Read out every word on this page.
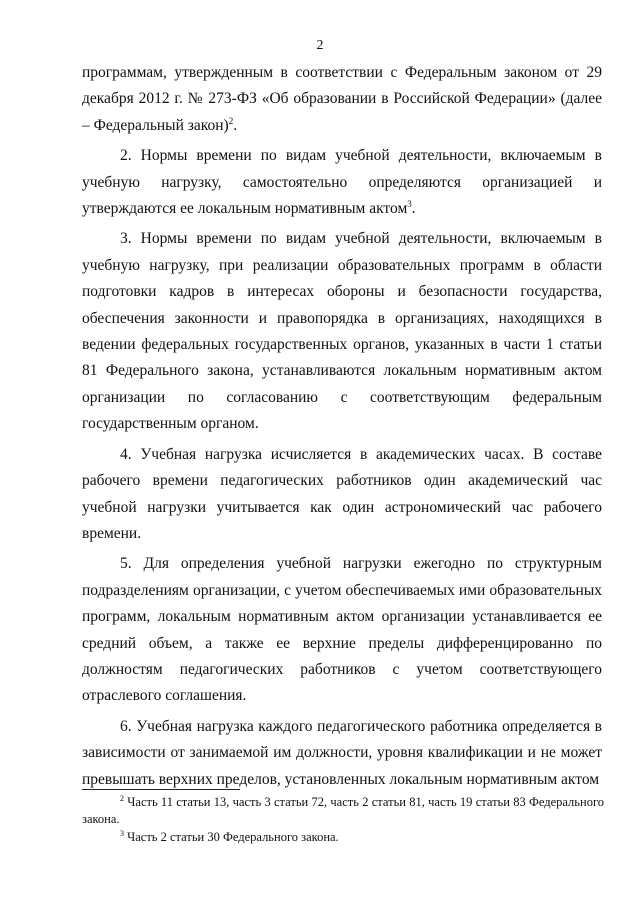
2

программам, утвержденным в соответствии с Федеральным законом от 29 декабря 2012 г. № 273-ФЗ «Об образовании в Российской Федерации» (далее – Федеральный закон)$^2$.

2. Нормы времени по видам учебной деятельности, включаемым в учебную нагрузку, самостоятельно определяются организацией и утверждаются ее локальным нормативным актом$^3$.

3. Нормы времени по видам учебной деятельности, включаемым в учебную нагрузку, при реализации образовательных программ в области подготовки кадров в интересах обороны и безопасности государства, обеспечения законности и правопорядка в организациях, находящихся в ведении федеральных государственных органов, указанных в части 1 статьи 81 Федерального закона, устанавливаются локальным нормативным актом организации по согласованию с соответствующим федеральным государственным органом.

4. Учебная нагрузка исчисляется в академических часах. В составе рабочего времени педагогических работников один академический час учебной нагрузки учитывается как один астрономический час рабочего времени.

5. Для определения учебной нагрузки ежегодно по структурным подразделениям организации, с учетом обеспечиваемых ими образовательных программ, локальным нормативным актом организации устанавливается ее средний объем, а также ее верхние пределы дифференцированно по должностям педагогических работников с учетом соответствующего отраслевого соглашения.

6. Учебная нагрузка каждого педагогического работника определяется в зависимости от занимаемой им должности, уровня квалификации и не может превышать верхних пределов, установленных локальным нормативным актом

$^2$ Часть 11 статьи 13, часть 3 статьи 72, часть 2 статьи 81, часть 19 статьи 83 Федерального закона.

$^3$ Часть 2 статьи 30 Федерального закона.
